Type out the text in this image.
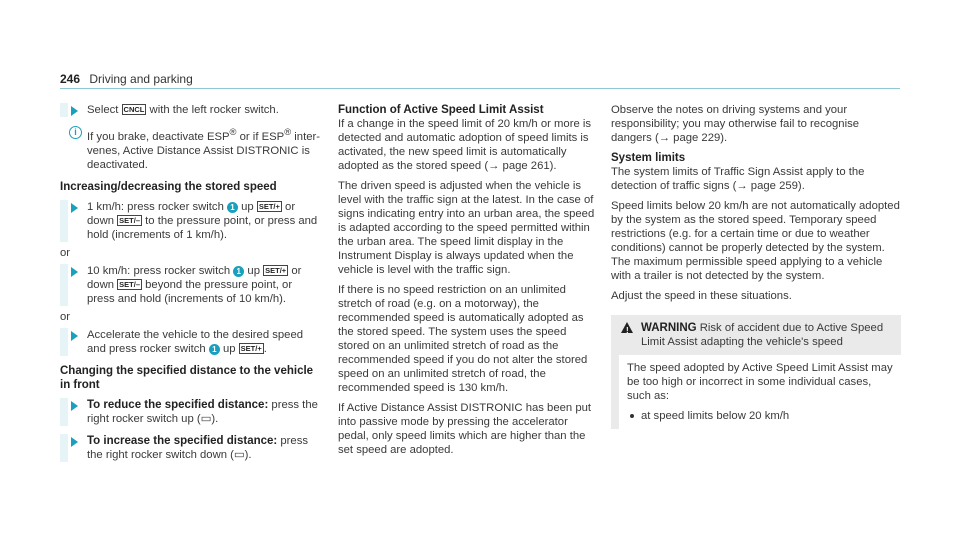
246 Driving and parking
Select CNCL with the left rocker switch.
i If you brake, deactivate ESP® or if ESP® inter-venes, Active Distance Assist DISTRONIC is deactivated.

Increasing/decreasing the stored speed

1 km/h: press rocker switch 1 up SET/+ or down SET/– to the pressure point, or press and hold (increments of 1 km/h).

or

10 km/h: press rocker switch 1 up SET/+ or down SET/– beyond the pressure point, or press and hold (increments of 10 km/h).

or

Accelerate the vehicle to the desired speed and press rocker switch 1 up SET/+ .

Changing the specified distance to the vehicle in front

To reduce the specified distance: press the right rocker switch up (▭).
To increase the specified distance: press the right rocker switch down (▭).

Function of Active Speed Limit Assist

If a change in the speed limit of 20 km/h or more is detected and automatic adoption of speed limits is activated, the new speed limit is automatically adopted as the stored speed (→ page 261).

The driven speed is adjusted when the vehicle is level with the traffic sign at the latest. In the case of signs indicating entry into an urban area, the speed is adapted according to the speed permitted within the urban area. The speed limit display in the Instrument Display is always updated when the vehicle is level with the traffic sign.

If there is no speed restriction on an unlimited stretch of road (e.g. on a motorway), the recommended speed is automatically adopted as the stored speed. The system uses the speed stored on an unlimited stretch of road as the recommended speed if you do not alter the stored speed on an unlimited stretch of road, the recommended speed is 130 km/h.

If Active Distance Assist DISTRONIC has been put into passive mode by pressing the accelerator pedal, only speed limits which are higher than the set speed are adopted.

Observe the notes on driving systems and your responsibility; you may otherwise fail to recognise dangers (→ page 229).

System limits

The system limits of Traffic Sign Assist apply to the detection of traffic signs (→ page 259).

Speed limits below 20 km/h are not automatically adopted by the system as the stored speed. Temporary speed restrictions (e.g. for a certain time or due to weather conditions) cannot be properly detected by the system. The maximum permissible speed applying to a vehicle with a trailer is not detected by the system.

Adjust the speed in these situations.

! WARNING Risk of accident due to Active Speed Limit Assist adapting the vehicle's speed

The speed adopted by Active Speed Limit Assist may be too high or incorrect in some individual cases, such as:

at speed limits below 20 km/h
